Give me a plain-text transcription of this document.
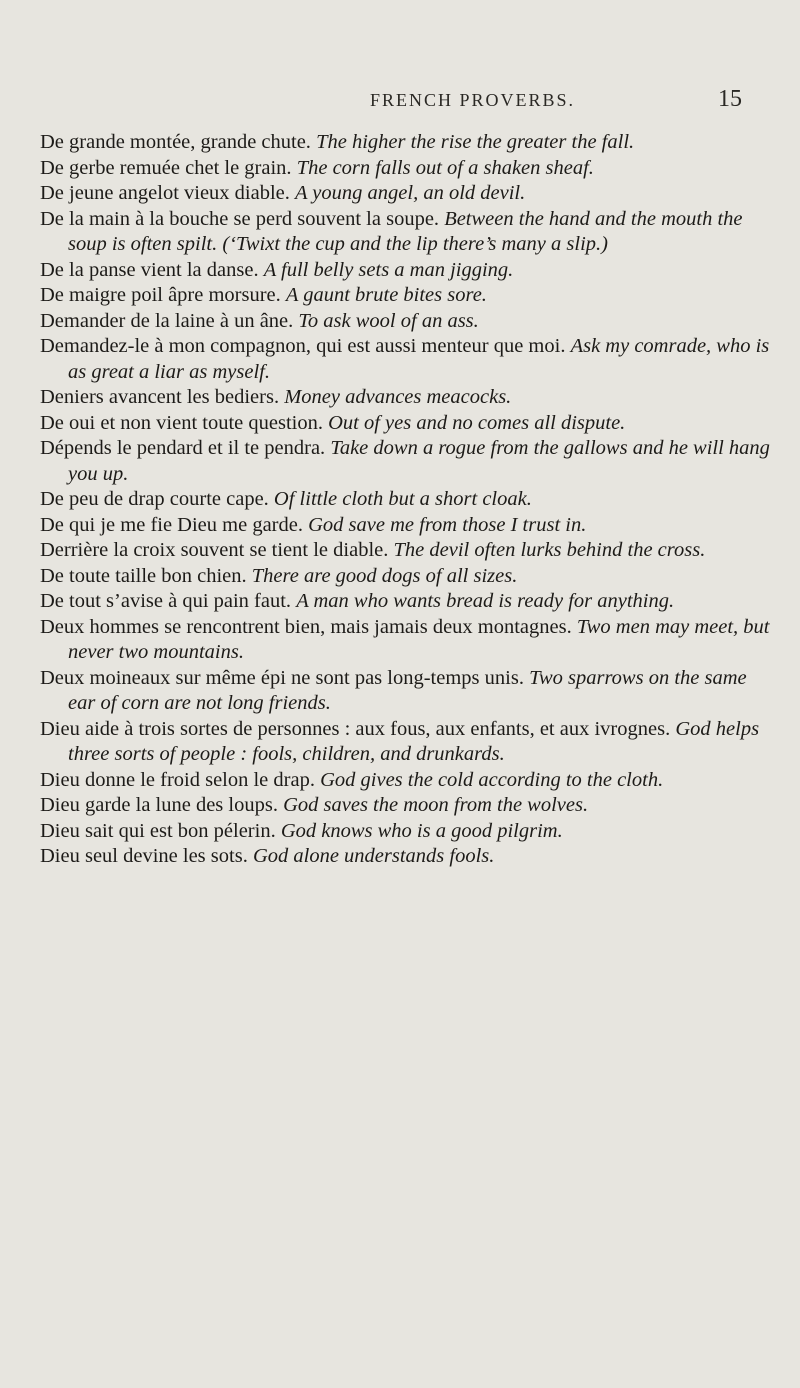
FRENCH PROVERBS.	15
De grande montée, grande chute. The higher the rise the greater the fall.
De gerbe remuée chet le grain. The corn falls out of a shaken sheaf.
De jeune angelot vieux diable. A young angel, an old devil.
De la main à la bouche se perd souvent la soupe. Between the hand and the mouth the soup is often spilt. (‘Twixt the cup and the lip there’s many a slip.)
De la panse vient la danse. A full belly sets a man jigging.
De maigre poil âpre morsure. A gaunt brute bites sore.
Demander de la laine à un âne. To ask wool of an ass.
Demandez-le à mon compagnon, qui est aussi menteur que moi. Ask my comrade, who is as great a liar as myself.
Deniers avancent les bediers. Money advances meacocks.
De oui et non vient toute question. Out of yes and no comes all dispute.
Dépends le pendard et il te pendra. Take down a rogue from the gallows and he will hang you up.
De peu de drap courte cape. Of little cloth but a short cloak.
De qui je me fie Dieu me garde. God save me from those I trust in.
Derrière la croix souvent se tient le diable. The devil often lurks behind the cross.
De toute taille bon chien. There are good dogs of all sizes.
De tout s’avise à qui pain faut. A man who wants bread is ready for anything.
Deux hommes se rencontrent bien, mais jamais deux montagnes. Two men may meet, but never two mountains.
Deux moineaux sur même épi ne sont pas long-temps unis. Two sparrows on the same ear of corn are not long friends.
Dieu aide à trois sortes de personnes : aux fous, aux enfants, et aux ivrognes. God helps three sorts of people : fools, children, and drunkards.
Dieu donne le froid selon le drap. God gives the cold according to the cloth.
Dieu garde la lune des loups. God saves the moon from the wolves.
Dieu sait qui est bon pélerin. God knows who is a good pilgrim.
Dieu seul devine les sots. God alone understands fools.
